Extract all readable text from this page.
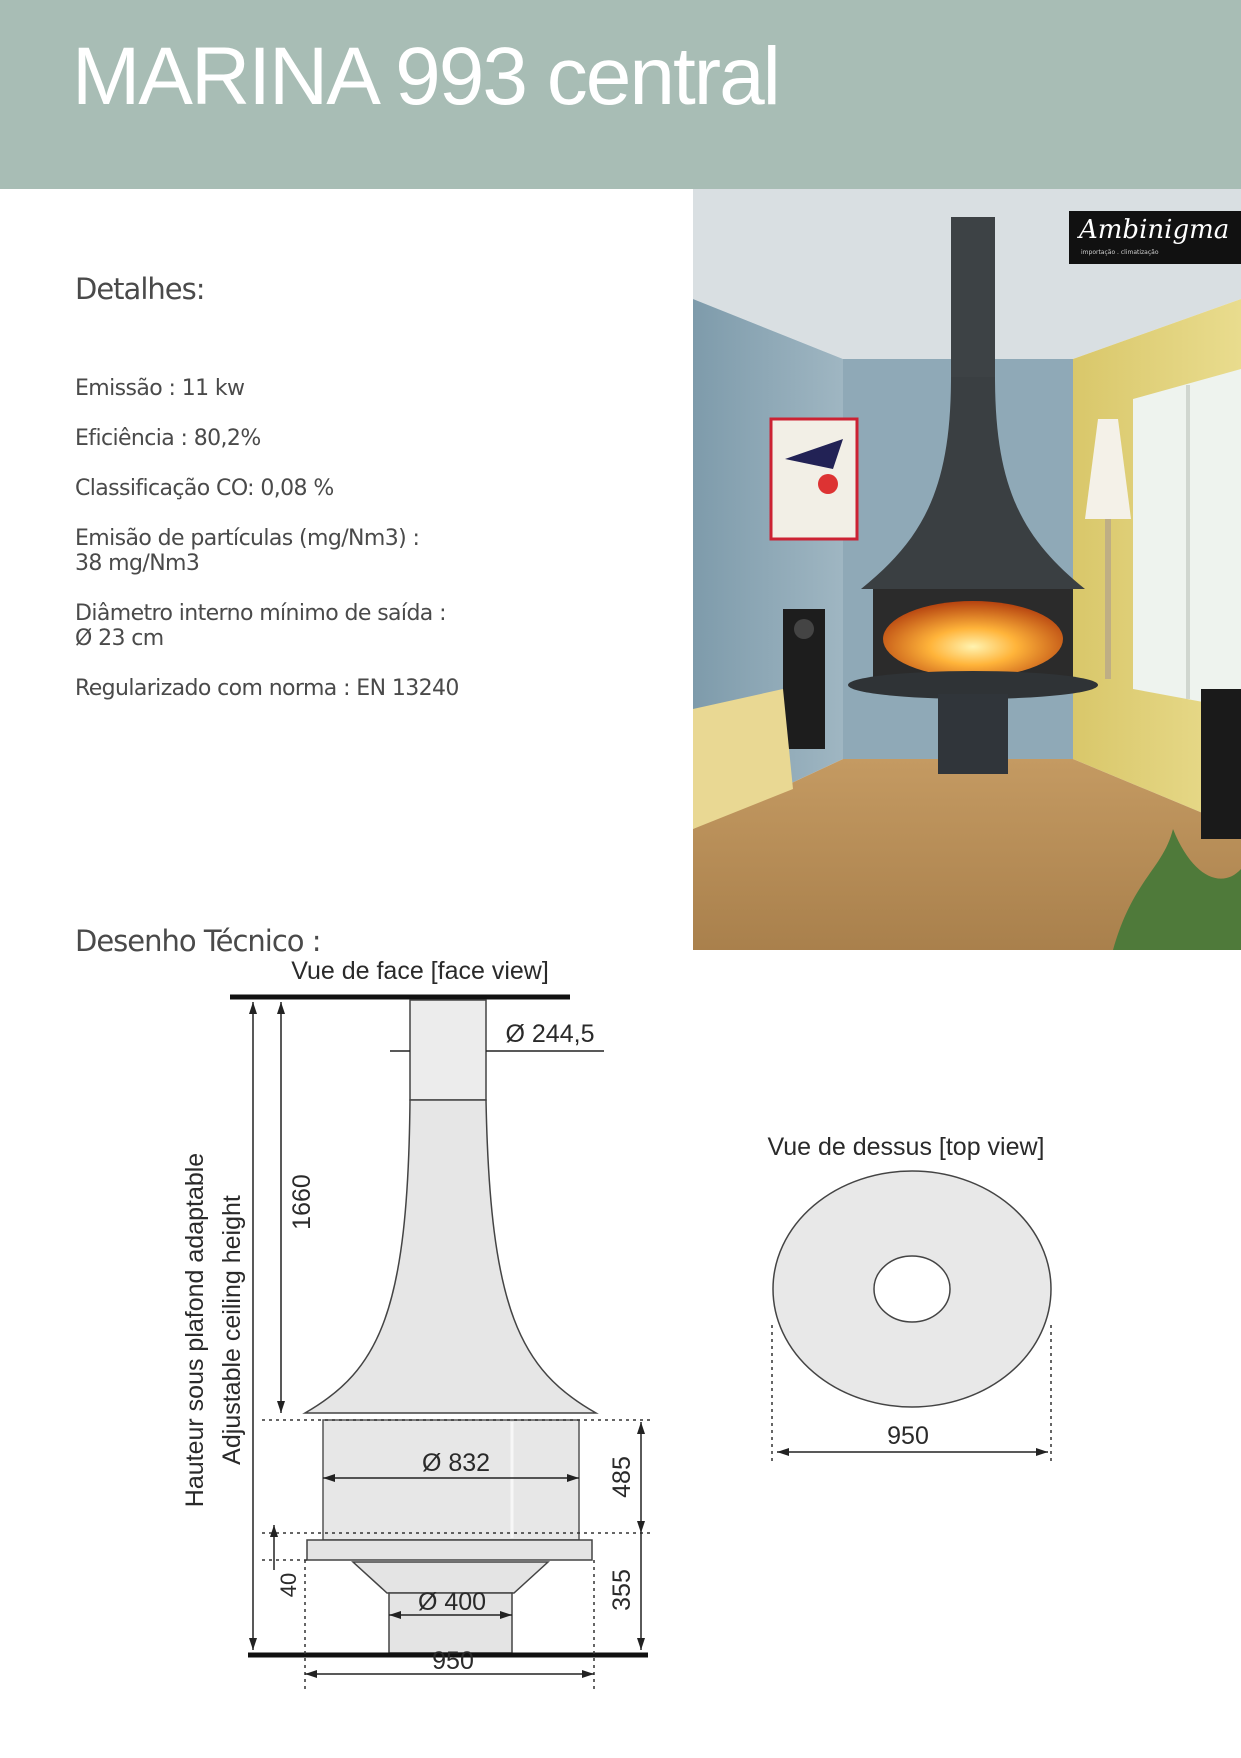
MARINA 993 central
Ambinigma
importação . climatização
Detalhes:
Emissão : 11 kw
Eficiência : 80,2%
Classificação CO: 0,08 %
Emisão de partículas (mg/Nm3) :
38 mg/Nm3
Diâmetro interno mínimo de saída :
Ø 23 cm
Regularizado com norma : EN 13240
Desenho Técnico :
Vue de face [face view]
Ø 244,5
Hauteur sous plafond adaptable Adjustable ceiling height 1660
Ø 832	485
40
Ø 400	355
950
Vue de dessus [top view]
950
